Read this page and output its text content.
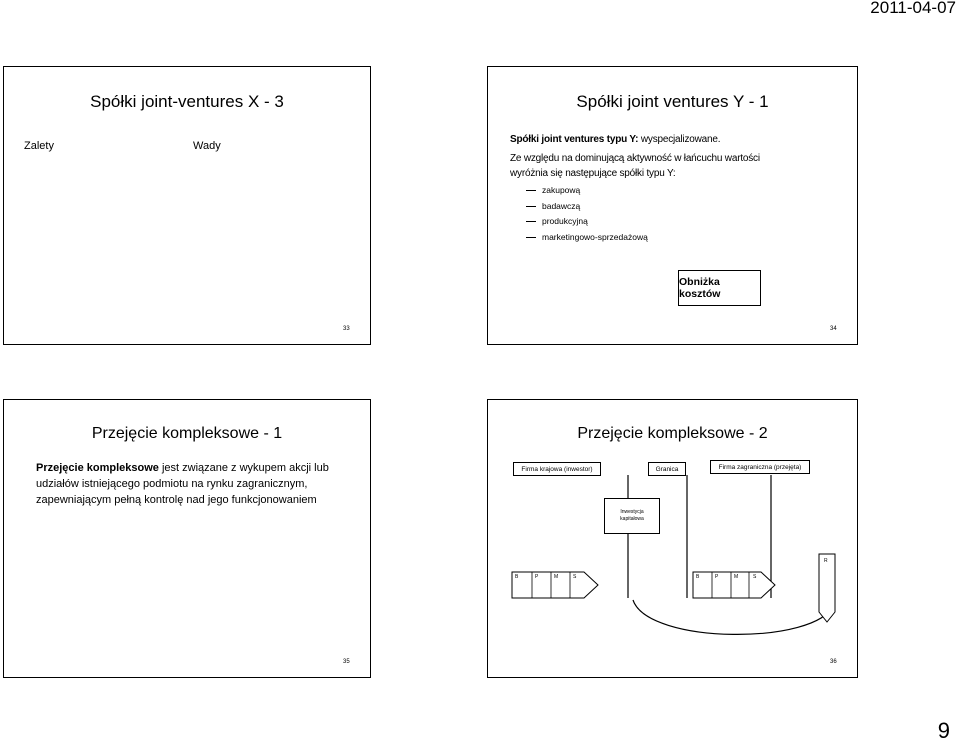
2011-04-07
Spółki joint-ventures X - 3
Zalety	Wady
33
Spółki joint ventures Y - 1
Spółki joint ventures typu Y: wyspecjalizowane.
Ze względu na dominującą aktywność w łańcuchu wartości
wyróżnia się następujące spółki typu Y:
zakupową
badawczą
produkcyjną
marketingowo-sprzedażową
Obniżka kosztów
34
Przejęcie kompleksowe - 1
Przejęcie kompleksowe jest związane z wykupem akcji lub
udziałów istniejącego podmiotu na rynku zagranicznym,
zapewniającym pełną kontrolę nad jego funkcjonowaniem
35
Przejęcie kompleksowe - 2
Firma krajowa (inwestor)	Granica	Firma zagraniczna (przejęta)
Inwestycja
kapitałowa
B	P	M	S	B	P	M	S
R
36
9
